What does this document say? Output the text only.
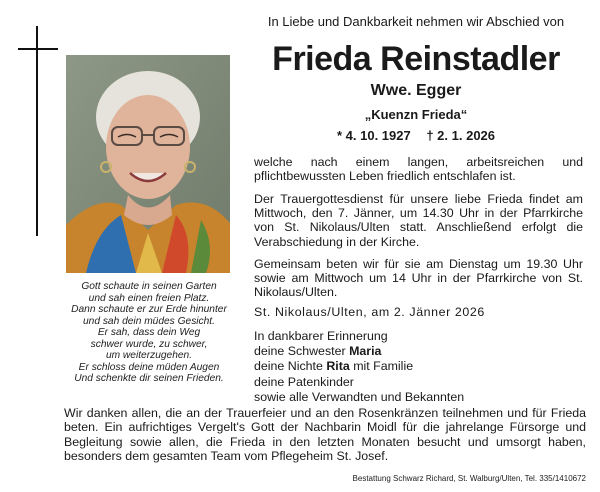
Gott schaute in seinen Garten
und sah einen freien Platz.
Dann schaute er zur Erde hinunter
und sah dein müdes Gesicht.
Er sah, dass dein Weg
schwer wurde, zu schwer,
um weiterzugehen.
Er schloss deine müden Augen
Und schenkte dir seinen Frieden.
In Liebe und Dankbarkeit nehmen wir Abschied von
Frieda Reinstadler
Wwe. Egger
„Kuenzn Frieda“
* 4. 10. 1927 † 2. 1. 2026
welche nach einem langen, arbeitsreichen und pflichtbewussten Leben friedlich entschlafen ist.
Der Trauergottesdienst für unsere liebe Frieda findet am Mittwoch, den 7. Jänner, um 14.30 Uhr in der Pfarrkirche von St. Nikolaus/Ulten statt. Anschließend erfolgt die Verabschiedung in der Kirche.
Gemeinsam beten wir für sie am Dienstag um 19.30 Uhr sowie am Mittwoch um 14 Uhr in der Pfarrkirche von St. Nikolaus/Ulten.
St. Nikolaus/Ulten, am 2. Jänner 2026
In dankbarer Erinnerung
deine Schwester Maria
deine Nichte Rita mit Familie
deine Patenkinder
sowie alle Verwandten und Bekannten
Wir danken allen, die an der Trauerfeier und an den Rosenkränzen teilnehmen und für Frieda beten. Ein aufrichtiges Vergelt's Gott der Nachbarin Moidl für die jahrelange Fürsorge und Begleitung sowie allen, die Frieda in den letzten Monaten besucht und umsorgt haben, besonders dem gesamten Team vom Pflegeheim St. Josef.
Bestattung Schwarz Richard, St. Walburg/Ulten, Tel. 335/1410672
